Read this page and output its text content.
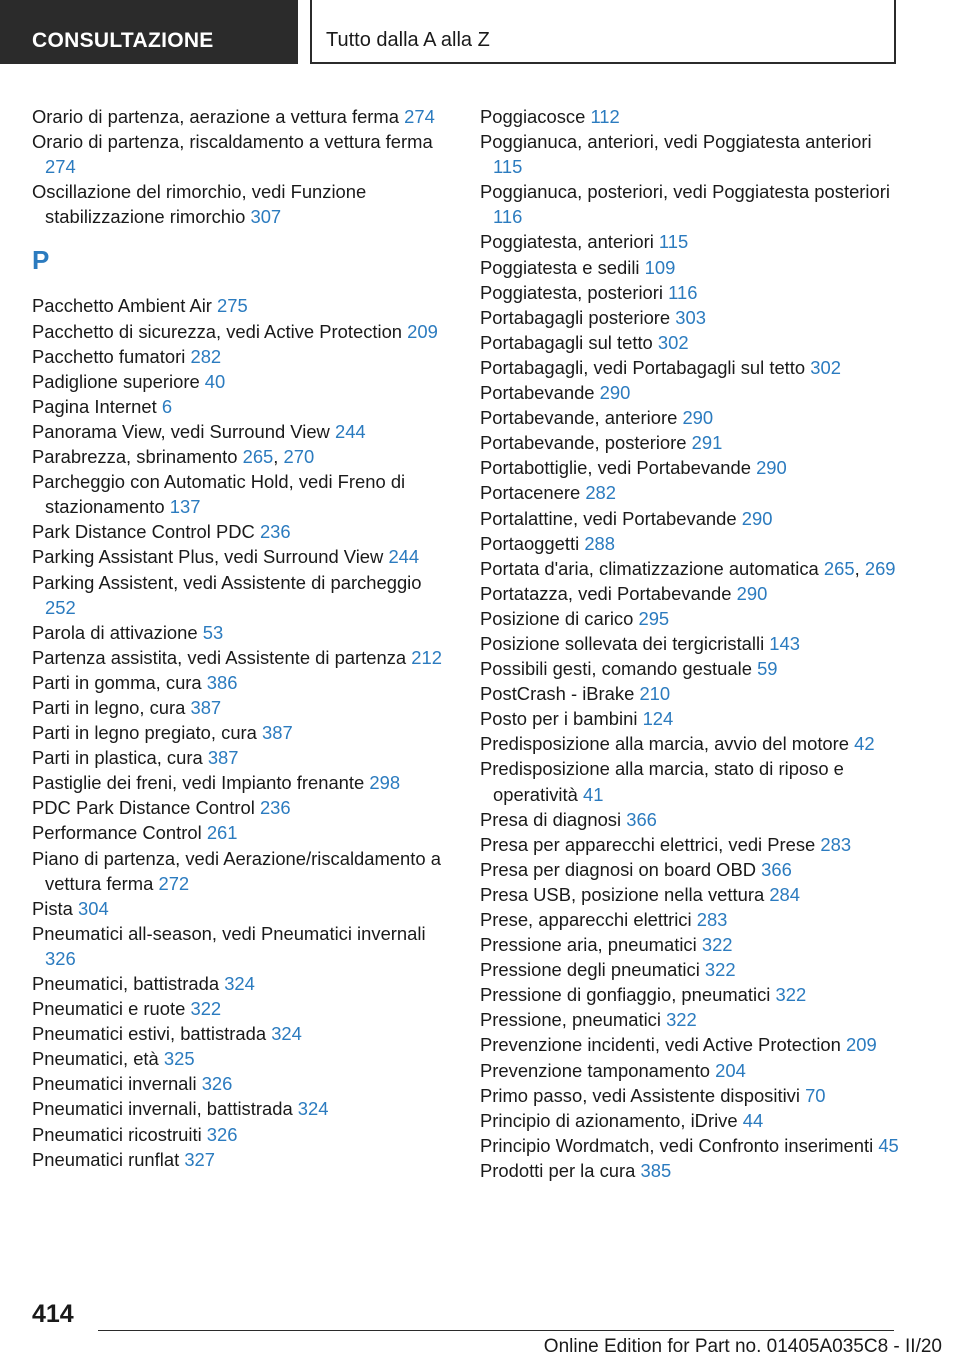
CONSULTAZIONE	Tutto dalla A alla Z
Orario di partenza, aerazione a vettura ferma 274
Orario di partenza, riscaldamento a vettura ferma 274
Oscillazione del rimorchio, vedi Funzione stabilizzazione rimorchio 307
P
Pacchetto Ambient Air 275
Pacchetto di sicurezza, vedi Active Protection 209
Pacchetto fumatori 282
Padiglione superiore 40
Pagina Internet 6
Panorama View, vedi Surround View 244
Parabrezza, sbrinamento 265, 270
Parcheggio con Automatic Hold, vedi Freno di stazionamento 137
Park Distance Control PDC 236
Parking Assistant Plus, vedi Surround View 244
Parking Assistent, vedi Assistente di parcheggio 252
Parola di attivazione 53
Partenza assistita, vedi Assistente di partenza 212
Parti in gomma, cura 386
Parti in legno, cura 387
Parti in legno pregiato, cura 387
Parti in plastica, cura 387
Pastiglie dei freni, vedi Impianto frenante 298
PDC Park Distance Control 236
Performance Control 261
Piano di partenza, vedi Aerazione/riscaldamento a vettura ferma 272
Pista 304
Pneumatici all-season, vedi Pneumatici invernali 326
Pneumatici, battistrada 324
Pneumatici e ruote 322
Pneumatici estivi, battistrada 324
Pneumatici, età 325
Pneumatici invernali 326
Pneumatici invernali, battistrada 324
Pneumatici ricostruiti 326
Pneumatici runflat 327
Poggiacosce 112
Poggianuca, anteriori, vedi Poggiatesta anteriori 115
Poggianuca, posteriori, vedi Poggiatesta posteriori 116
Poggiatesta, anteriori 115
Poggiatesta e sedili 109
Poggiatesta, posteriori 116
Portabagagli posteriore 303
Portabagagli sul tetto 302
Portabagagli, vedi Portabagagli sul tetto 302
Portabevande 290
Portabevande, anteriore 290
Portabevande, posteriore 291
Portabottiglie, vedi Portabevande 290
Portacenere 282
Portalattine, vedi Portabevande 290
Portaoggetti 288
Portata d'aria, climatizzazione automatica 265, 269
Portatazza, vedi Portabevande 290
Posizione di carico 295
Posizione sollevata dei tergicristalli 143
Possibili gesti, comando gestuale 59
PostCrash - iBrake 210
Posto per i bambini 124
Predisposizione alla marcia, avvio del motore 42
Predisposizione alla marcia, stato di riposo e operatività 41
Presa di diagnosi 366
Presa per apparecchi elettrici, vedi Prese 283
Presa per diagnosi on board OBD 366
Presa USB, posizione nella vettura 284
Prese, apparecchi elettrici 283
Pressione aria, pneumatici 322
Pressione degli pneumatici 322
Pressione di gonfiaggio, pneumatici 322
Pressione, pneumatici 322
Prevenzione incidenti, vedi Active Protection 209
Prevenzione tamponamento 204
Primo passo, vedi Assistente dispositivi 70
Principio di azionamento, iDrive 44
Principio Wordmatch, vedi Confronto inserimenti 45
Prodotti per la cura 385
414
Online Edition for Part no. 01405A035C8 - II/20
